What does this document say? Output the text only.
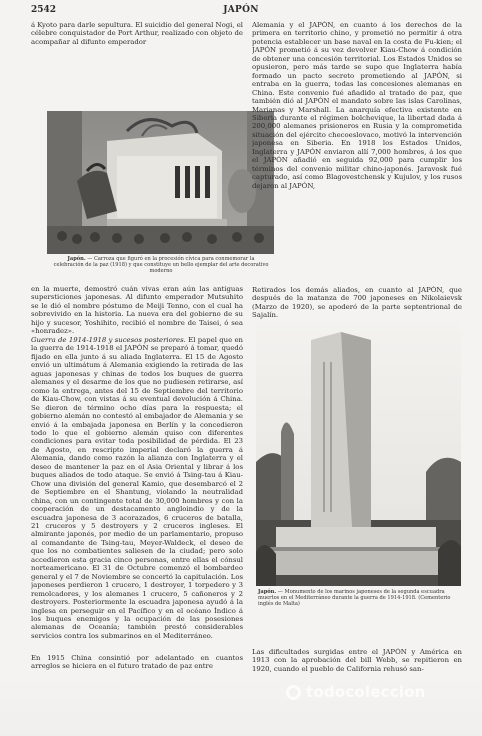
2542	JAPÓN
á Kyoto para darle sepultura. El suicidio del general Nogi, el célebre conquistador de Port Arthur, realizado con objeto de acompañar al difunto emperador
Japón. — Carroza que figuró en la procesión cívica para conmemorar la celebración de la paz (1918) y que constituye un bello ejemplar del arte decorativo moderno
en la muerte, demostró cuán vivas eran aún las antiguas supersticiones japonesas. Al difunto emperador Mutsuhito se le dió el nombre póstumo de Meiji Tenno, con el cual ha sobrevivido en la historia. La nueva era del gobierno de su hijo y sucesor, Yoshihito, recibió el nombre de Taisei, ó sea «honradez».
Guerra de 1914-1918 y sucesos posteriores. El papel que en la guerra de 1914-1918 el JAPÓN se preparó á tomar, quedó fijado en ella junto á su aliada Inglaterra. El 15 de Agosto envió un ultimátum á Alemania exigiendo la retirada de las aguas japonesas y chinas de todos los buques de guerra alemanes y el desarme de los que no pudiesen retirarse, así como la entrega, antes del 15 de Septiembre del territorio de Kiau-Chow, con vistas á su eventual devolución á China. Se dieron de término ocho días para la respuesta; el gobierno alemán no contestó al embajador de Alemania y se envió á la embajada japonesa en Berlín y la concedieron todo lo que el gobierno alemán quiso con diferentes condiciones para evitar toda posibilidad de pérdida. El 23 de Agosto, en rescripto imperial declaró la guerra á Alemania, dando como razón la alianza con Inglaterra y el deseo de mantener la paz en el Asia Oriental y librar á los buques aliados de todo ataque. Se envió á Tsing-tau á Kiau-Chow una división del general Kamio, que desembarcó el 2 de Septiembre en el Shantung, violando la neutralidad china, con un contingente total de 30,000 hombres y con la cooperación de un destacamento angloindio y de la escuadra japonesa de 3 acorazados, 6 cruceros de batalla, 21 cruceros y 5 destroyers y 2 cruceros ingleses. El almirante japonés, por medio de un parlamentario, propuso al comandante de Tsing-tau, Meyer-Waldeck, el deseo de que los no combatientes saliesen de la ciudad; pero solo accedieron esta gracia cinco personas, entre ellas el cónsul norteamericano. El 31 de Octubre comenzó el bombardeo general y el 7 de Noviembre se concertó la capitulación. Los japoneses perdieron 1 crucero, 1 destroyer, 1 torpedero y 3 remolcadores, y los alemanes 1 crucero, 5 cañoneros y 2 destroyers. Posteriormente la escuadra japonesa ayudó á la inglesa en perseguir en el Pacífico y en el océano Índico á los buques enemigos y la ocupación de las posesiones alemanas de Oceanía; también prestó considerables servicios contra los submarinos en el Mediterráneo.
En 1915 China consintió por adelantado en cuantos arreglos se hiciera en el futuro tratado de paz entre
Alemania y el JAPÓN, en cuanto á los derechos de la primera en territorio chino, y prometió no permitir á otra potencia establecer un base naval en la costa de Fu-kien; el JAPÓN prometió á su vez devolver Kiau-Chow á condición de obtener una concesión territorial. Los Estados Unidos se opusieron, pero más tarde se supo que Inglaterra había formado un pacto secreto prometiendo al JAPÓN, si entraba en la guerra, todas las concesiones alemanas en China. Este convenio fué añadido al tratado de paz, que también dió al JAPÓN el mandato sobre las islas Carolinas, Marianas y Marshall. La anarquía efectiva existente en Siberia durante el régimen bolchevique, la libertad dada á 200,000 alemanes prisioneros en Rusia y la comprometida situación del ejército checoeslovaco, motivó la intervención japonesa en Siberia. En 1918 los Estados Unidos, Inglaterra y JAPÓN enviaron allí 7,000 hombres, á los que el JAPÓN añadió en seguida 92,000 para cumplir los términos del convenio militar chino-japonés. Jaravosk fué capturado, así como Blagovestchensk y Kujulov, y los rusos dejaron al JAPÓN,
Retirados los demás aliados, en cuanto al JAPÓN, que después de la matanza de 700 japoneses en Nikolaievsk (Marzo de 1920), se apoderó de la parte septentrional de Sajalín.
Japón. — Monumento de los marinos japoneses de la segunda escuadra muertos en el Mediterráneo durante la guerra de 1914-1918. (Cementerio inglés de Malta)
Las dificultades surgidas entre el JAPÓN y América en 1913 con la aprobación del bill Webb, se repitieron en 1920, cuando el pueblo de California rehusó san-
todocoleccion
